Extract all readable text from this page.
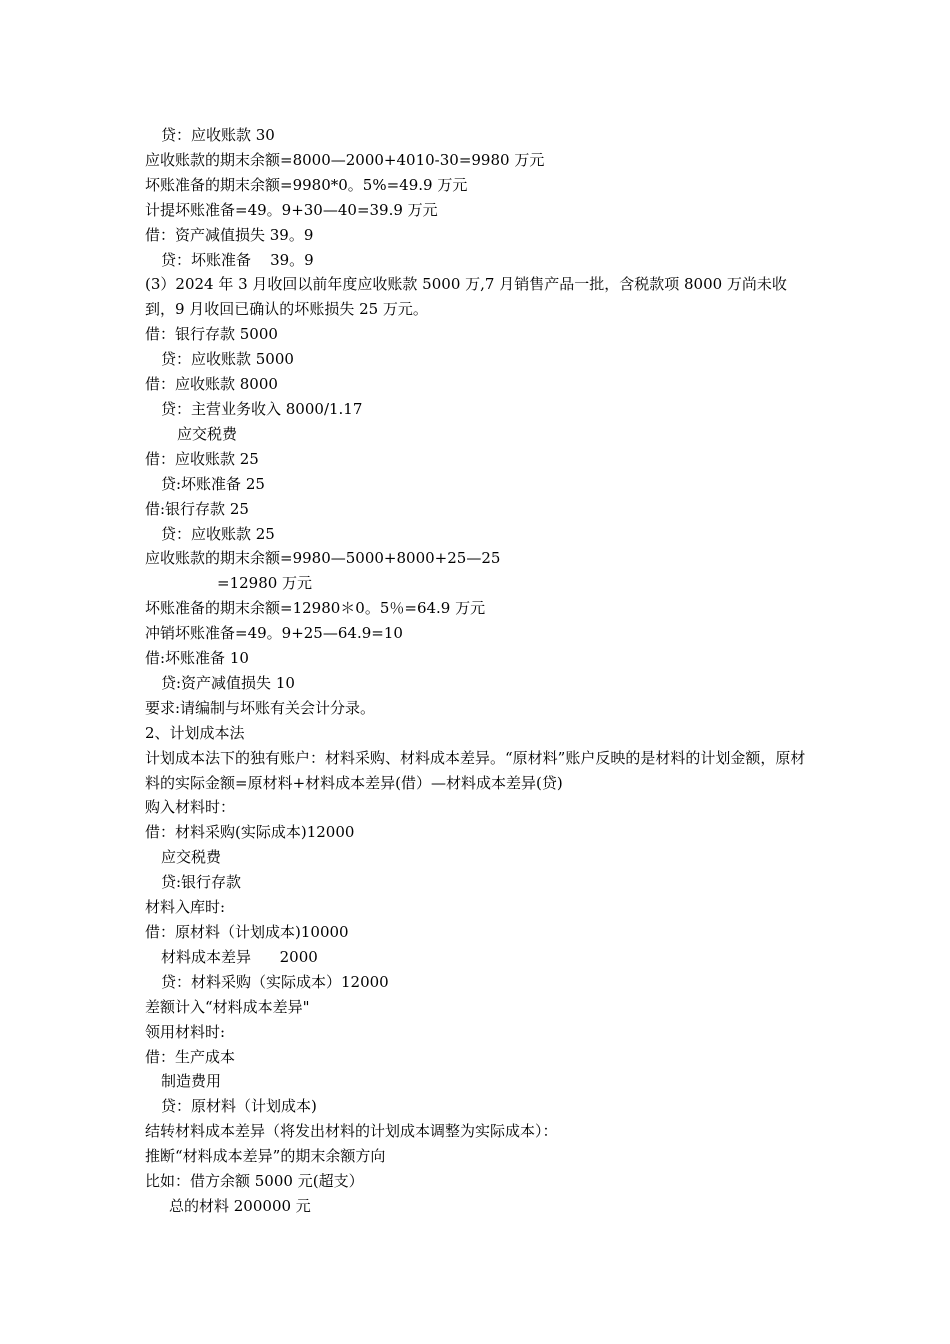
贷：应收账款 30
应收账款的期末余额=8000—2000+4010-30=9980 万元
坏账准备的期末余额=9980*0。5%=49.9 万元
计提坏账准备=49。9+30—40=39.9 万元
借：资产减值损失 39。9
贷：坏账准备    39。9
(3）2024 年 3 月收回以前年度应收账款 5000 万,7 月销售产品一批，含税款项 8000 万尚未收到，9 月收回已确认的坏账损失 25 万元。
借：银行存款 5000
贷：应收账款 5000
借：应收账款 8000
贷：主营业务收入 8000/1.17
应交税费
借：应收账款 25
贷:坏账准备 25
借:银行存款 25
贷：应收账款 25
应收账款的期末余额=9980—5000+8000+25—25
=12980 万元
坏账准备的期末余额=12980＊0。5％=64.9 万元
冲销坏账准备=49。9+25—64.9=10
借:坏账准备 10
贷:资产减值损失 10
要求:请编制与坏账有关会计分录。
2、计划成本法
计划成本法下的独有账户：材料采购、材料成本差异。“原材料”账户反映的是材料的计划金额，原材料的实际金额=原材料+材料成本差异(借）—材料成本差异(贷)
购入材料时：
借：材料采购(实际成本)12000
应交税费
贷:银行存款
材料入库时:
借：原材料（计划成本)10000
材料成本差异      2000
贷：材料采购（实际成本）12000
差额计入“材料成本差异"
领用材料时:
借：生产成本
制造费用
贷：原材料（计划成本)
结转材料成本差异（将发出材料的计划成本调整为实际成本）：
推断“材料成本差异”的期末余额方向
比如：借方余额 5000 元(超支）
总的材料 200000 元
